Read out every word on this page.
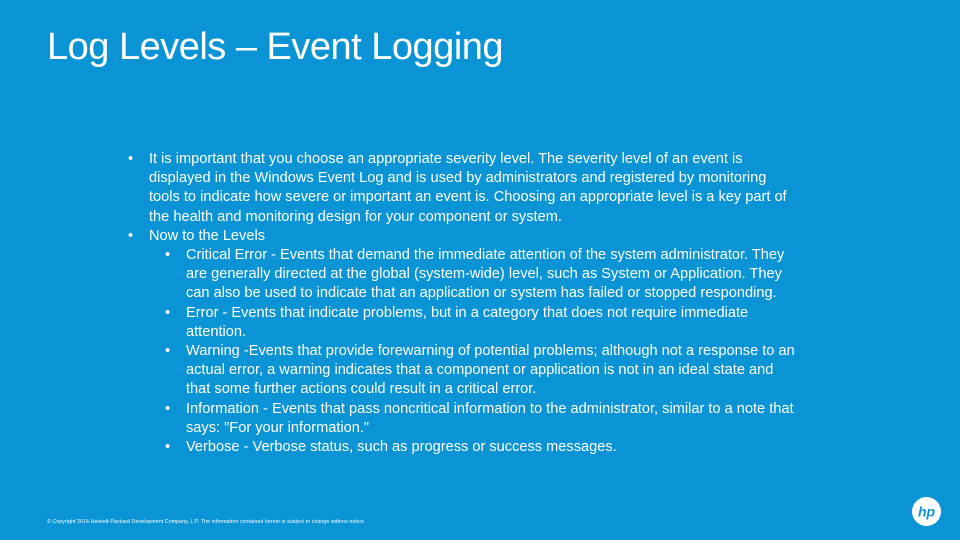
Log Levels – Event Logging
• It is important that you choose an appropriate severity level. The severity level of an event is displayed in the Windows Event Log and is used by administrators and registered by monitoring tools to indicate how severe or important an event is. Choosing an appropriate level is a key part of the health and monitoring design for your component or system.
• Now to the Levels
• Critical Error - Events that demand the immediate attention of the system administrator. They are generally directed at the global (system-wide) level, such as System or Application. They can also be used to indicate that an application or system has failed or stopped responding.
• Error - Events that indicate problems, but in a category that does not require immediate attention.
• Warning -Events that provide forewarning of potential problems; although not a response to an actual error, a warning indicates that a component or application is not in an ideal state and that some further actions could result in a critical error.
• Information - Events that pass noncritical information to the administrator, similar to a note that says: "For your information."
• Verbose - Verbose status, such as progress or success messages.
© Copyright 2014 Hewlett-Packard Development Company, L.P. The information contained herein is subject to change without notice.
hp
